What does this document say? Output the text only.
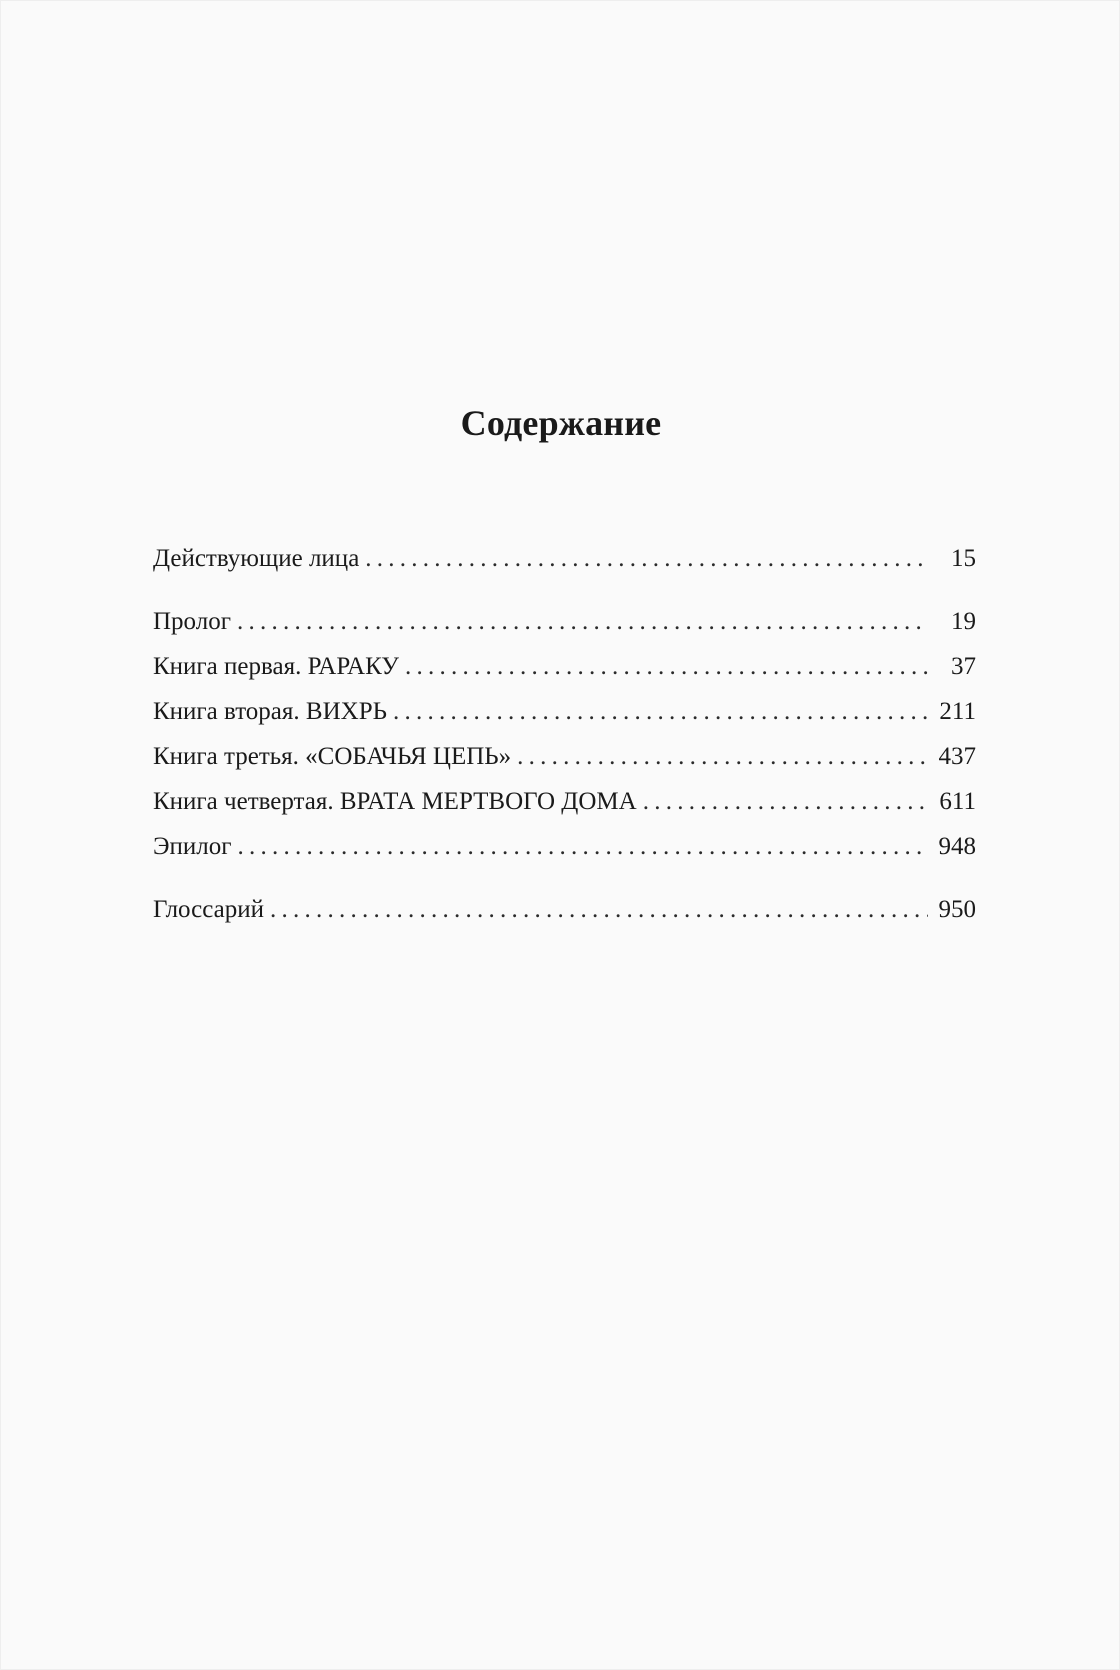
Содержание
Действующие лица . . .	15
Пролог . . .	19
Книга первая. РАРАКУ . . .	37
Книга вторая. ВИХРЬ . . .	211
Книга третья. «СОБАЧЬЯ ЦЕПЬ» . . .	437
Книга четвертая. ВРАТА МЕРТВОГО ДОМА . . .	611
Эпилог . . .	948
Глоссарий . . .	950
